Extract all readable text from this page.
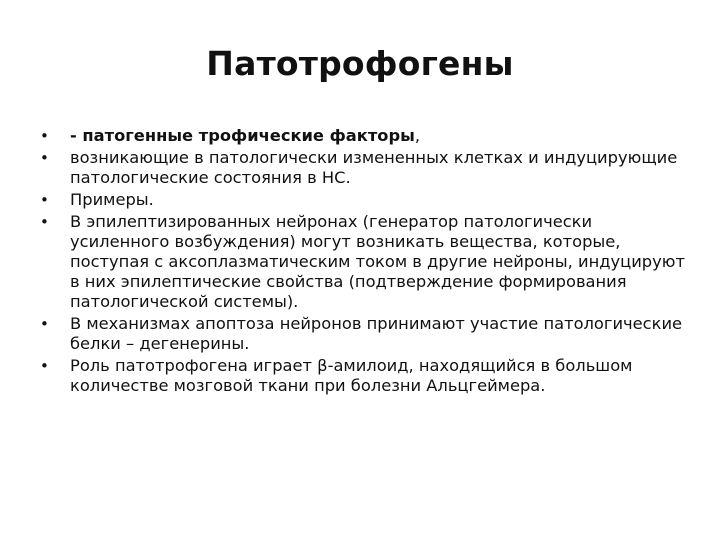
Патотрофогены
•	- патогенные трофические факторы,
•	возникающие в патологически измененных клетках и индуцирующие патологические состояния в НС.
•	Примеры.
•	В эпилептизированных нейронах (генератор патологически усиленного возбуждения) могут возникать вещества, которые, поступая с аксоплазматическим током в другие нейроны, индуцируют в них эпилептические свойства (подтверждение формирования патологической системы).
•	В механизмах апоптоза нейронов принимают участие патологические белки – дегенерины.
•	Роль патотрофогена играет β-амилоид, находящийся в большом количестве мозговой ткани при болезни Альцгеймера.
